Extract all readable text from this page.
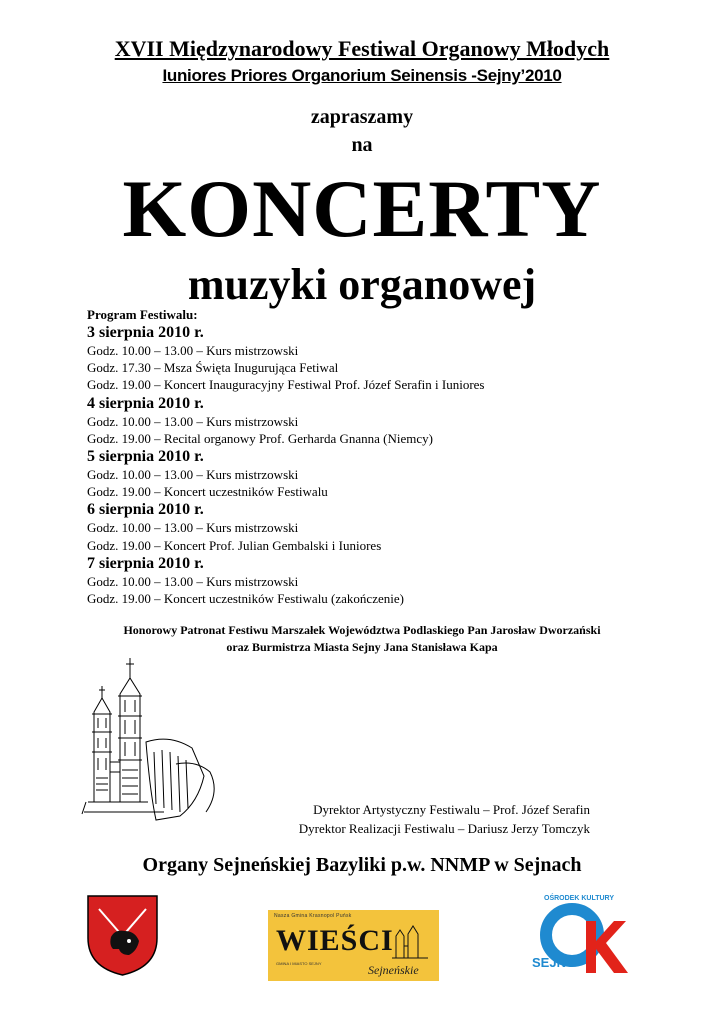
XVII Międzynarodowy Festiwal Organowy Młodych
Iuniores Priores Organorium Seinensis -Sejny’2010
zapraszamy
na
KONCERTY
muzyki organowej
Program Festiwalu:
3 sierpnia 2010 r.
Godz. 10.00 – 13.00 – Kurs mistrzowski
Godz. 17.30 – Msza Święta Inugurująca Fetiwal
Godz. 19.00 – Koncert Inauguracyjny Festiwal Prof. Józef Serafin i Iuniores
4 sierpnia 2010 r.
Godz. 10.00 – 13.00 – Kurs mistrzowski
Godz. 19.00 – Recital organowy Prof. Gerharda Gnanna (Niemcy)
5 sierpnia 2010 r.
Godz. 10.00 – 13.00 – Kurs mistrzowski
Godz. 19.00 – Koncert uczestników Festiwalu
6 sierpnia 2010 r.
Godz. 10.00 – 13.00 – Kurs mistrzowski
Godz. 19.00 – Koncert Prof. Julian Gembalski i Iuniores
7 sierpnia 2010 r.
Godz. 10.00 – 13.00 – Kurs mistrzowski
Godz. 19.00 – Koncert uczestników Festiwalu (zakończenie)
Honorowy Patronat Festiwu Marszałek Województwa Podlaskiego Pan Jarosław Dworzański
oraz Burmistrza Miasta Sejny Jana Stanisława Kapa
Dyrektor Artystyczny Festiwalu – Prof. Józef Serafin
Dyrektor Realizacji Festiwalu – Dariusz Jerzy Tomczyk
Organy Sejneńskiej Bazyliki p.w. NNMP w Sejnach
Nasza Gmina Krasnopol Puńsk
WIEŚCI
GMINA I MIASTO SEJNY	Sejneńskie
OŚRODEK KULTURY
SEJNY
